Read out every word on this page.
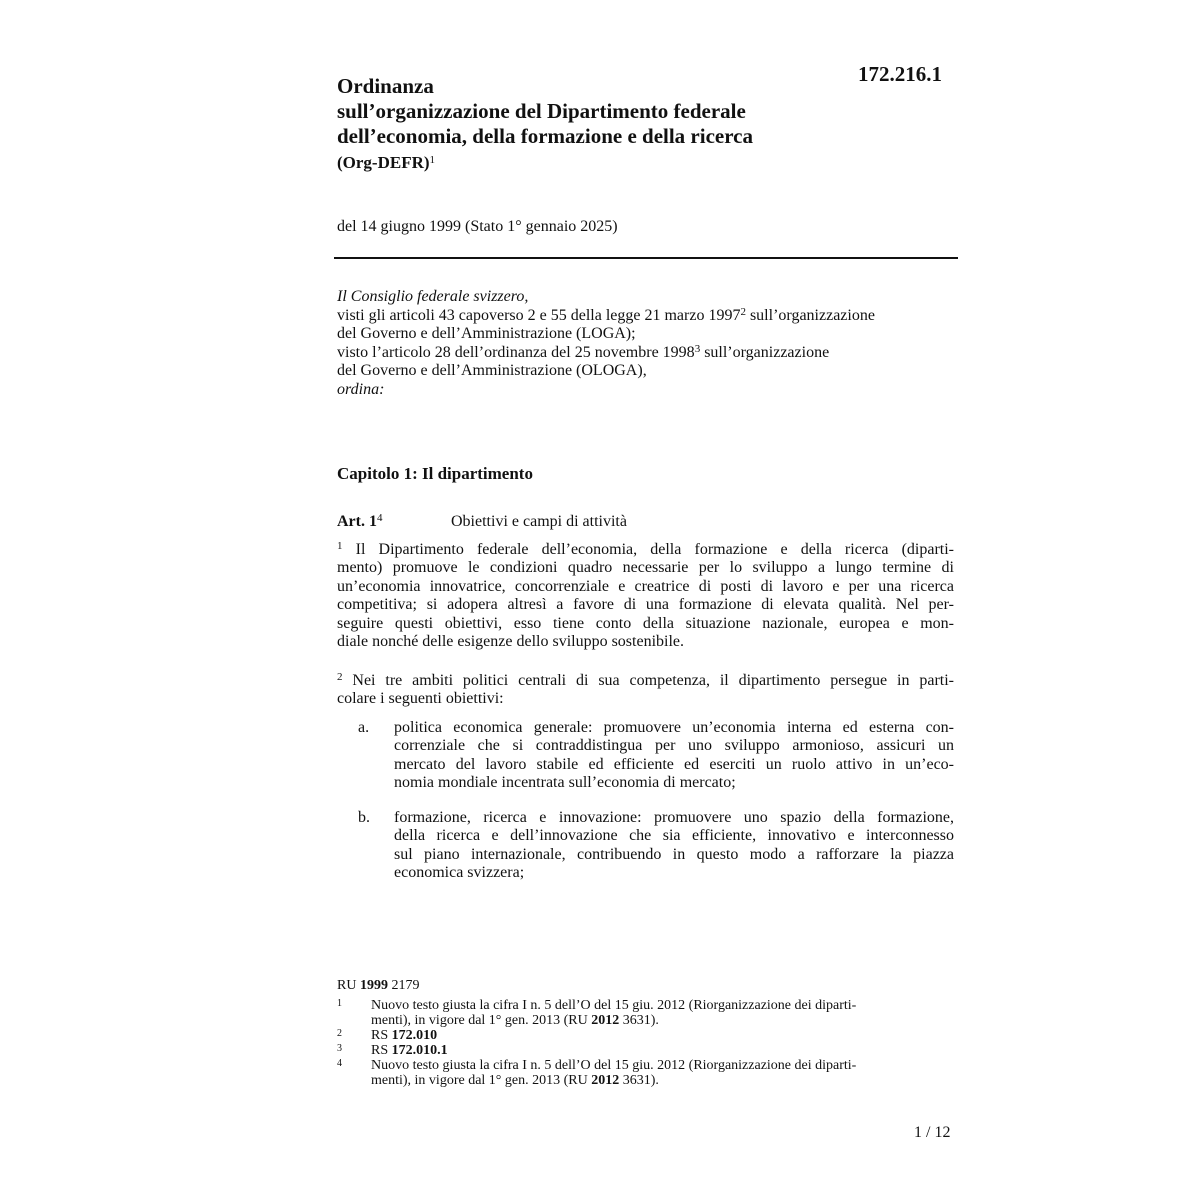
172.216.1
Ordinanza
sull’organizzazione del Dipartimento federale
dell’economia, della formazione e della ricerca
(Org-DEFR)$^1$
del 14 giugno 1999 (Stato 1° gennaio 2025)
Il Consiglio federale svizzero,
visti gli articoli 43 capoverso 2 e 55 della legge 21 marzo 1997$^2$ sull’organizzazione
del Governo e dell’Amministrazione (LOGA);
visto l’articolo 28 dell’ordinanza del 25 novembre 1998$^3$ sull’organizzazione
del Governo e dell’Amministrazione (OLOGA),
ordina:
Capitolo 1: Il dipartimento
Art. $1^4$	Obiettivi e campi di attività
$^1$ Il Dipartimento federale dell’economia, della formazione e della ricerca (diparti-
mento) promuove le condizioni quadro necessarie per lo sviluppo a lungo termine di
un’economia innovatrice, concorrenziale e creatrice di posti di lavoro e per una ricerca
competitiva; si adopera altresì a favore di una formazione di elevata qualità. Nel per-
seguire questi obiettivi, esso tiene conto della situazione nazionale, europea e mon-
diale nonché delle esigenze dello sviluppo sostenibile.
$^2$ Nei tre ambiti politici centrali di sua competenza, il dipartimento persegue in parti-
colare i seguenti obiettivi:
a. politica economica generale: promuovere un’economia interna ed esterna con-
correnziale che si contraddistingua per uno sviluppo armonioso, assicuri un
mercato del lavoro stabile ed efficiente ed eserciti un ruolo attivo in un’eco-
nomia mondiale incentrata sull’economia di mercato;
b. formazione, ricerca e innovazione: promuovere uno spazio della formazione,
della ricerca e dell’innovazione che sia efficiente, innovativo e interconnesso
sul piano internazionale, contribuendo in questo modo a rafforzare la piazza
economica svizzera;
RU 1999 2179
1 Nuovo testo giusta la cifra I n. 5 dell’O del 15 giu. 2012 (Riorganizzazione dei diparti-
menti), in vigore dal 1° gen. 2013 (RU 2012 3631).
2 RS 172.010
3 RS 172.010.1
4 Nuovo testo giusta la cifra I n. 5 dell’O del 15 giu. 2012 (Riorganizzazione dei diparti-
menti), in vigore dal 1° gen. 2013 (RU 2012 3631).
1 / 12
